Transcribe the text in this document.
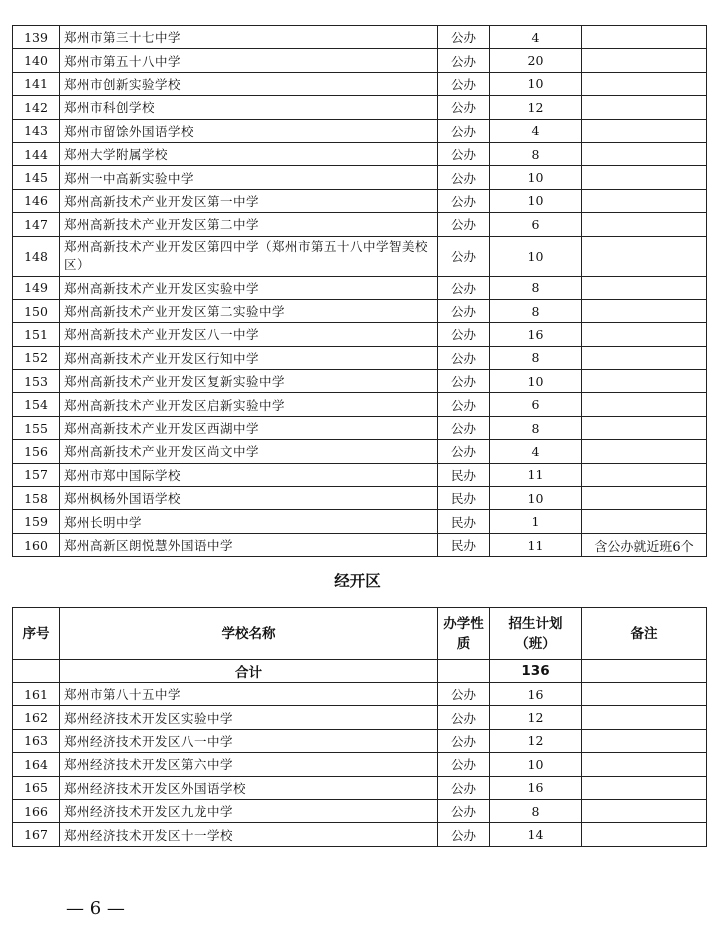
139	郑州市第三十七中学	公办	4	
140	郑州市第五十八中学	公办	20	
141	郑州市创新实验学校	公办	10	
142	郑州市科创学校	公办	12	
143	郑州市留馀外国语学校	公办	4	
144	郑州大学附属学校	公办	8	
145	郑州一中高新实验中学	公办	10	
146	郑州高新技术产业开发区第一中学	公办	10	
147	郑州高新技术产业开发区第二中学	公办	6	
148	郑州高新技术产业开发区第四中学（郑州市第五十八中学智美校区）	公办	10	
149	郑州高新技术产业开发区实验中学	公办	8	
150	郑州高新技术产业开发区第二实验中学	公办	8	
151	郑州高新技术产业开发区八一中学	公办	16	
152	郑州高新技术产业开发区行知中学	公办	8	
153	郑州高新技术产业开发区复新实验中学	公办	10	
154	郑州高新技术产业开发区启新实验中学	公办	6	
155	郑州高新技术产业开发区西湖中学	公办	8	
156	郑州高新技术产业开发区尚文中学	公办	4	
157	郑州市郑中国际学校	民办	11	
158	郑州枫杨外国语学校	民办	10	
159	郑州长明中学	民办	1	
160	郑州高新区朗悦慧外国语中学	民办	11	含公办就近班6个
经开区
序号	学校名称	办学性质	招生计划（班）	备注
	合计		136	
161	郑州市第八十五中学	公办	16	
162	郑州经济技术开发区实验中学	公办	12	
163	郑州经济技术开发区八一中学	公办	12	
164	郑州经济技术开发区第六中学	公办	10	
165	郑州经济技术开发区外国语学校	公办	16	
166	郑州经济技术开发区九龙中学	公办	8	
167	郑州经济技术开发区十一学校	公办	14	
— 6 —
